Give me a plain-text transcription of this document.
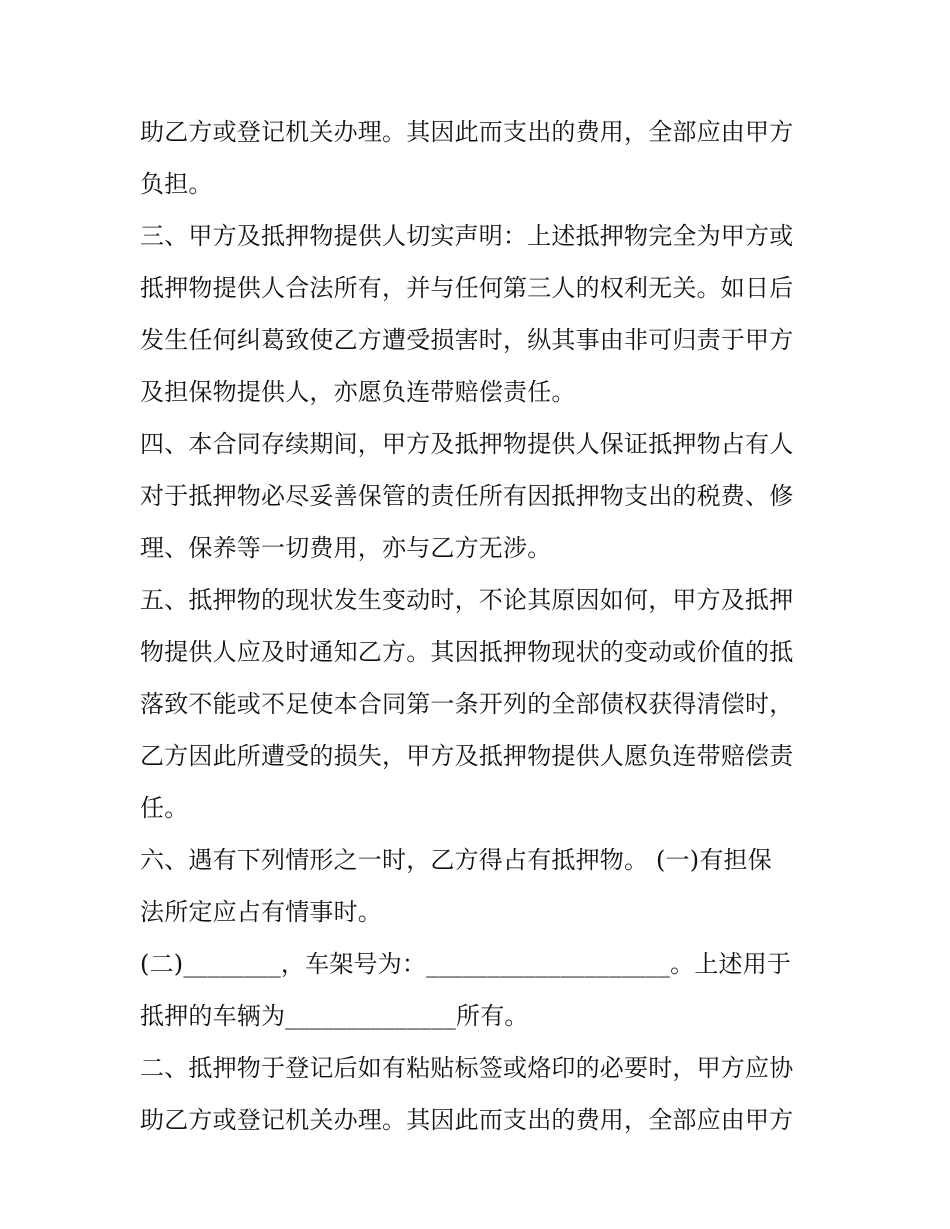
助乙方或登记机关办理。其因此而支出的费用，全部应由甲方
负担。
三、甲方及抵押物提供人切实声明：上述抵押物完全为甲方或
抵押物提供人合法所有，并与任何第三人的权利无关。如日后
发生任何纠葛致使乙方遭受损害时，纵其事由非可归责于甲方
及担保物提供人，亦愿负连带赔偿责任。
四、本合同存续期间，甲方及抵押物提供人保证抵押物占有人
对于抵押物必尽妥善保管的责任所有因抵押物支出的税费、修
理、保养等一切费用，亦与乙方无涉。
五、抵押物的现状发生变动时，不论其原因如何，甲方及抵押
物提供人应及时通知乙方。其因抵押物现状的变动或价值的抵
落致不能或不足使本合同第一条开列的全部债权获得清偿时，
乙方因此所遭受的损失，甲方及抵押物提供人愿负连带赔偿责
任。
六、遇有下列情形之一时，乙方得占有抵押物。 (一)有担保
法所定应占有情事时。
(二)________，车架号为：____________________。上述用于
抵押的车辆为______________所有。
二、抵押物于登记后如有粘贴标签或烙印的必要时，甲方应协
助乙方或登记机关办理。其因此而支出的费用，全部应由甲方
